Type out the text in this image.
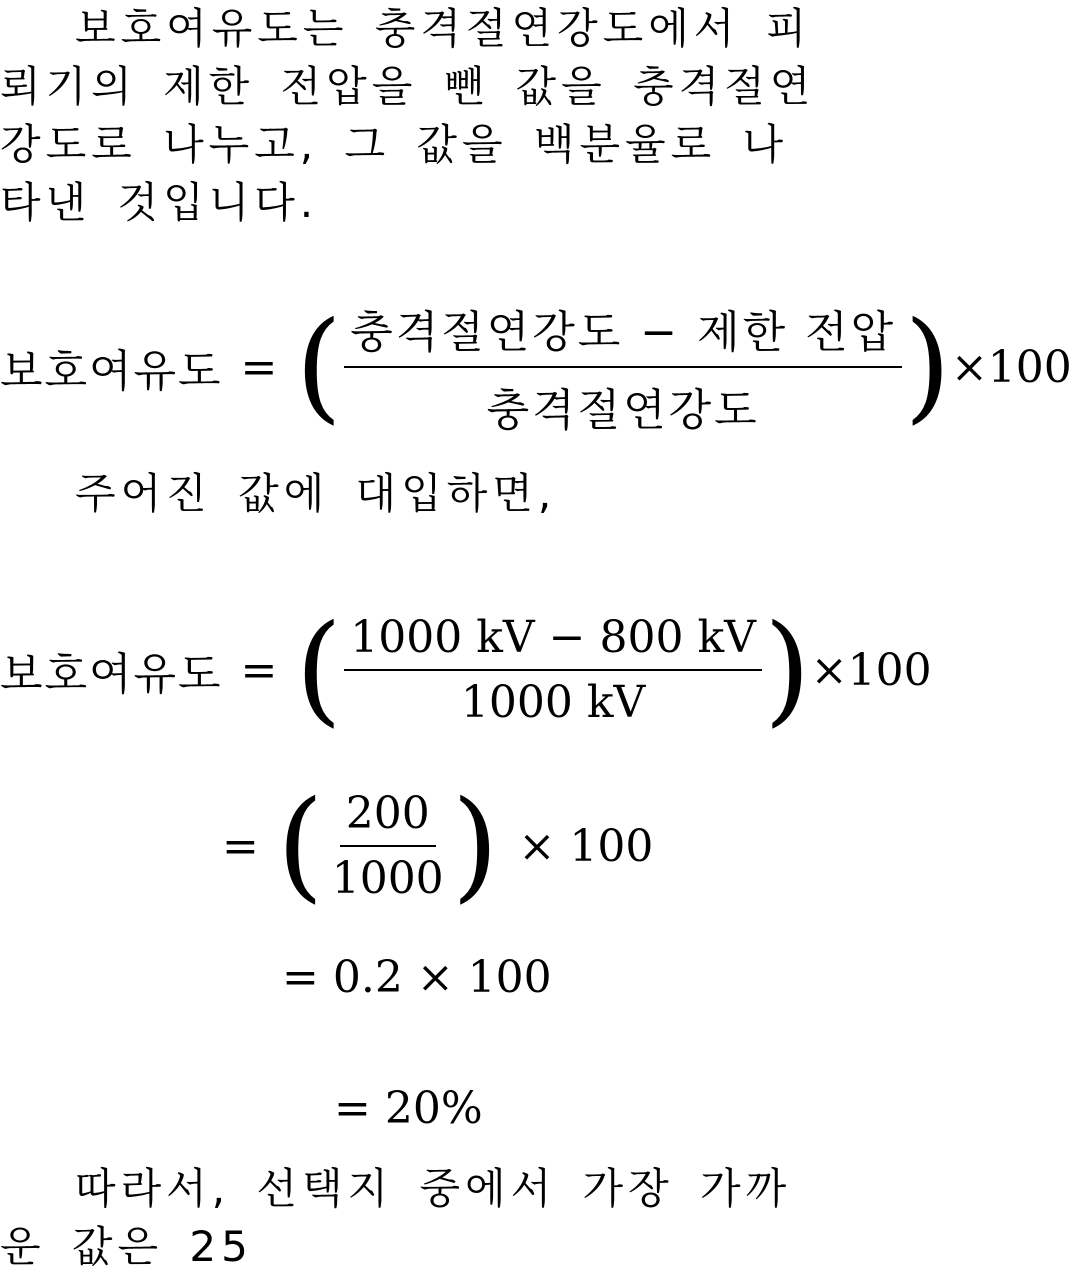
보호여유도는 충격절연강도에서 피뢰기의 제한 전압을 뺀 값을 충격절연강도로 나누고, 그 값을 백분율로 나타낸 것입니다.
보호여유도 = ( $\frac{\text{충격절연강도 − 제한 전압}}{\text{충격절연강도}}$ ) ×100
주어진 값에 대입하면,
보호여유도 = ( $\frac{1000 kV - 800 kV}{1000 kV}$ ) ×100
= ( $\frac{200}{1000}$ ) × 100
= 0.2 × 100
= 20%
따라서, 선택지 중에서 가장 가까운 값은 25
